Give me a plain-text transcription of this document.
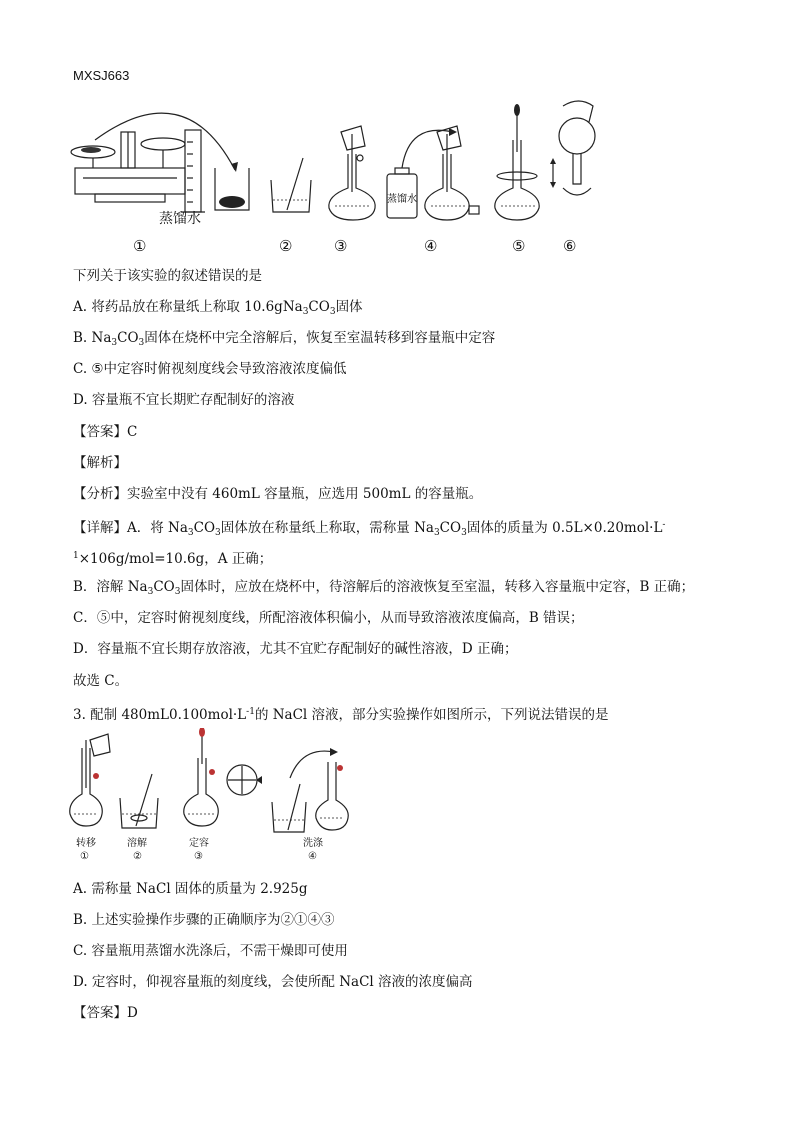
MXSJ663
蒸馏水
蒸馏水
①	②	③	④	⑤	⑥
下列关于该实验的叙述错误的是
A. 将药品放在称量纸上称取 $10.6gNa_3CO_3$固体
B. $Na_3CO_3$固体在烧杯中完全溶解后，恢复至室温转移到容量瓶中定容
C. ⑤中定容时俯视刻度线会导致溶液浓度偏低
D. 容量瓶不宜长期贮存配制好的溶液
【答案】C
【解析】
【分析】实验室中没有 460mL 容量瓶，应选用 500mL 的容量瓶。
【详解】A．将 $Na_3CO_3$固体放在称量纸上称取，需称量 $Na_3CO_3$固体的质量为 0.5L×0.20mol·L-
$^1$×106g/mol=10.6g，A 正确；
B．溶解 $Na_3CO_3$固体时，应放在烧杯中，待溶解后的溶液恢复至室温，转移入容量瓶中定容，B 正确；
C．⑤中，定容时俯视刻度线，所配溶液体积偏小，从而导致溶液浓度偏高，B 错误；
D．容量瓶不宜长期存放溶液，尤其不宜贮存配制好的碱性溶液，D 正确；
故选 C。
3. 配制 $480mL0.100mol\cdot L^{-1}$的 NaCl 溶液，部分实验操作如图所示，下列说法错误的是
转移	溶解	定容	洗涤
①	②	③	④
A. 需称量 NaCl 固体的质量为 2.925g
B. 上述实验操作步骤的正确顺序为②①④③
C. 容量瓶用蒸馏水洗涤后，不需干燥即可使用
D. 定容时，仰视容量瓶的刻度线，会使所配 NaCl 溶液的浓度偏高
【答案】D
